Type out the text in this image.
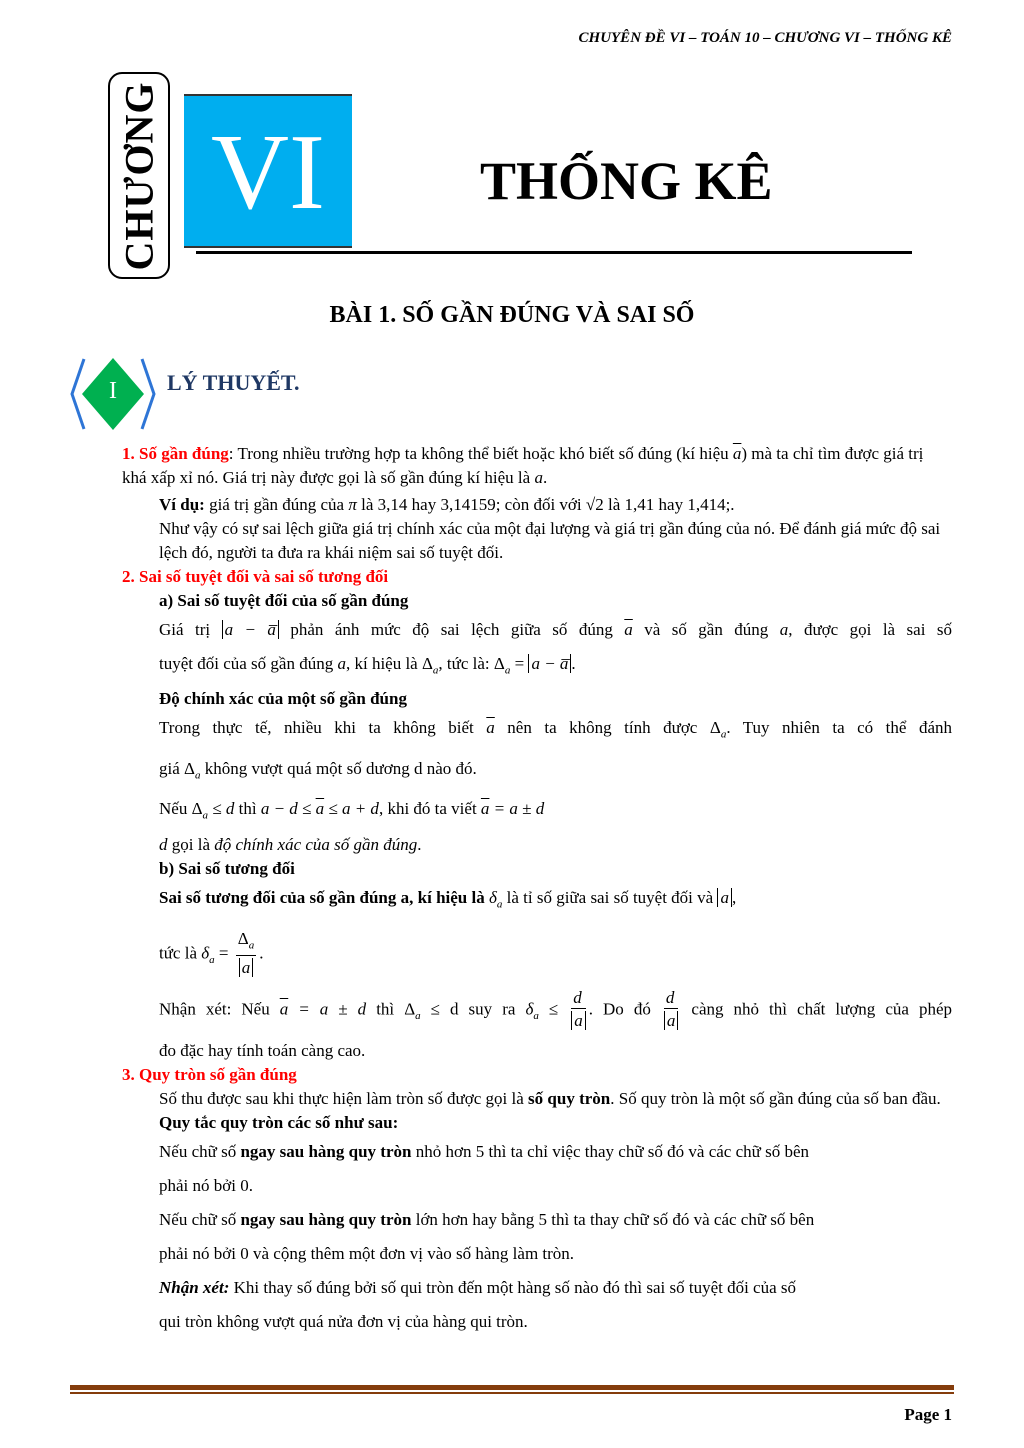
CHUYÊN ĐỀ VI – TOÁN 10 – CHƯƠNG VI – THỐNG KÊ
CHƯƠNG VI	THỐNG KÊ
BÀI 1. SỐ GẦN ĐÚNG VÀ SAI SỐ
I	LÝ THUYẾT.

1. Số gần đúng: Trong nhiều trường hợp ta không thể biết hoặc khó biết số đúng (kí hiệu $\overline{a}$) mà ta chỉ tìm được giá trị khá xấp xỉ nó. Giá trị này được gọi là số gần đúng kí hiệu là a.

Ví dụ: giá trị gần đúng của π là 3,14 hay 3,14159; còn đối với √2 là 1,41 hay 1,414;.

Như vậy có sự sai lệch giữa giá trị chính xác của một đại lượng và giá trị gần đúng của nó. Để đánh giá mức độ sai lệch đó, người ta đưa ra khái niệm sai số tuyệt đối.

2. Sai số tuyệt đối và sai số tương đối

a) Sai số tuyệt đối của số gần đúng

Giá trị a − a̅ phản ánh mức độ sai lệch giữa số đúng $\overline{a}$ và số gần đúng a, được gọi là sai số

tuyệt đối của số gần đúng a, kí hiệu là $\Delta_a$, tức là: $\Delta_a = a$ − a̅ .

Độ chính xác của một số gần đúng

Trong thực tế, nhiều khi ta không biết $\overline{a}$ nên ta không tính được $\Delta_a$. Tuy nhiên ta có thể đánh

giá $\Delta_a$ không vượt quá một số dương d nào đó.

Nếu $\Delta_a \le d$ thì $a - d \le \overline{a} \le a + d$, khi đó ta viết $\overline{a} = a \pm d$

d gọi là độ chính xác của số gần đúng.

b) Sai số tương đối

Sai số tương đối của số gần đúng a, kí hiệu là $\delta_a$ là tỉ số giữa sai số tuyệt đối và a ,

tức là $\delta_a = \frac{\Delta_a}{a}$ .

Nhận xét: Nếu $\overline{a} = a \pm d$ thì $\Delta_a \le d$ suy ra $\delta_a \le \frac{d}{a}$ . Do đó $\frac{d}{a}$ càng nhỏ thì chất lượng của phép

đo đặc hay tính toán càng cao.

3. Quy tròn số gần đúng

Số thu được sau khi thực hiện làm tròn số được gọi là số quy tròn. Số quy tròn là một số gần đúng của số ban đầu.

Quy tắc quy tròn các số như sau:

Nếu chữ số ngay sau hàng quy tròn nhỏ hơn 5 thì ta chỉ việc thay chữ số đó và các chữ số bên

phải nó bởi 0.

Nếu chữ số ngay sau hàng quy tròn lớn hơn hay bằng 5 thì ta thay chữ số đó và các chữ số bên

phải nó bởi 0 và cộng thêm một đơn vị vào số hàng làm tròn.

Nhận xét: Khi thay số đúng bởi số qui tròn đến một hàng số nào đó thì sai số tuyệt đối của số

qui tròn không vượt quá nửa đơn vị của hàng qui tròn.

Page 1
